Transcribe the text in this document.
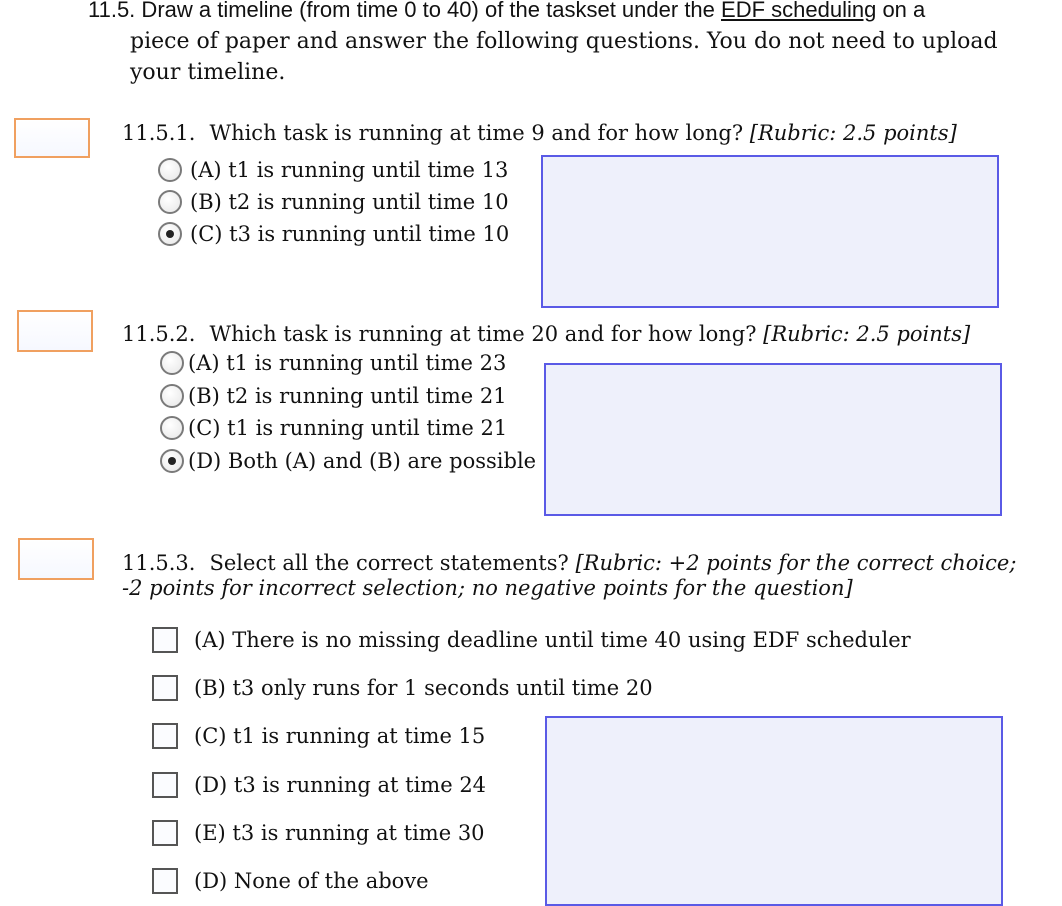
11.5. Draw a timeline (from time 0 to 40) of the taskset under the EDF scheduling on a
piece of paper and answer the following questions. You do not need to upload
your timeline.
11.5.1. Which task is running at time 9 and for how long? [Rubric: 2.5 points]
(A) t1 is running until time 13
(B) t2 is running until time 10
(C) t3 is running until time 10
11.5.2. Which task is running at time 20 and for how long? [Rubric: 2.5 points]
(A) t1 is running until time 23
(B) t2 is running until time 21
(C) t1 is running until time 21
(D) Both (A) and (B) are possible
11.5.3. Select all the correct statements? [Rubric: +2 points for the correct choice;
-2 points for incorrect selection; no negative points for the question]
(A) There is no missing deadline until time 40 using EDF scheduler
(B) t3 only runs for 1 seconds until time 20
(C) t1 is running at time 15
(D) t3 is running at time 24
(E) t3 is running at time 30
(D) None of the above
